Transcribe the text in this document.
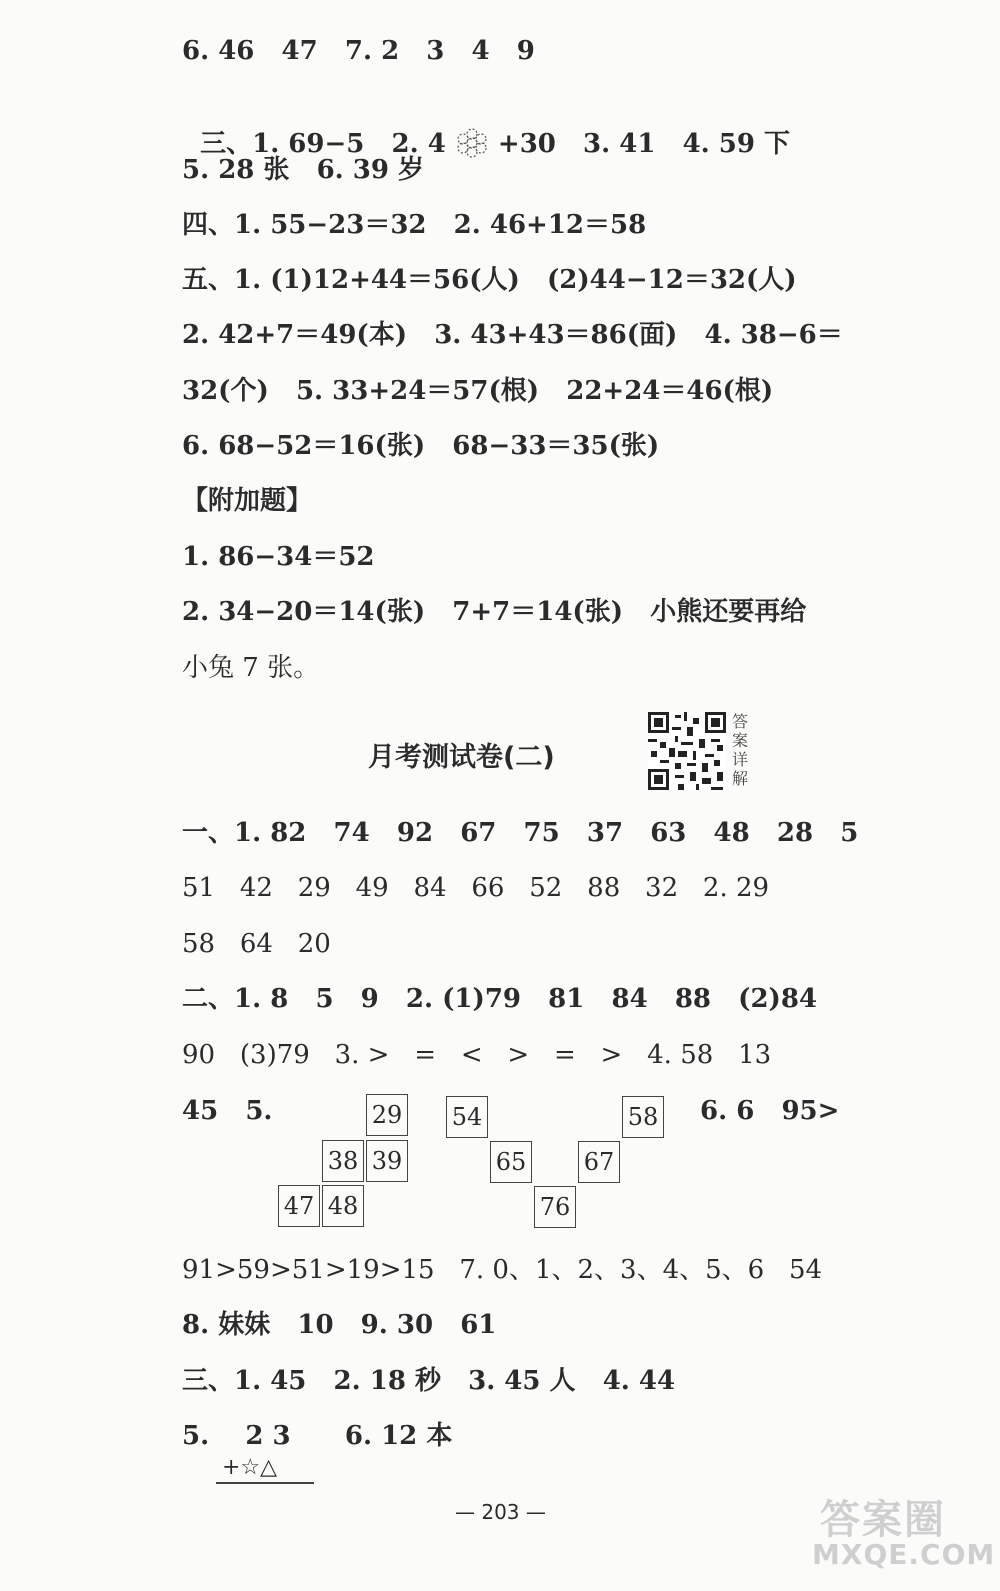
6. 46   47   7. 2   3   4   9

三、1. 69−5   2. 4  +30   3. 41   4. 59 下

5. 28 张   6. 39 岁
四、1. 55−23＝32   2. 46+12＝58
五、1. (1)12+44＝56(人)   (2)44−12＝32(人)
2. 42+7＝49(本)   3. 43+43＝86(面)   4. 38−6＝
32(个)   5. 33+24＝57(根)   22+24＝46(根)
6. 68−52＝16(张)   68−33＝35(张)
【附加题】
1. 86−34＝52
2. 34−20＝14(张)   7+7＝14(张)   小熊还要再给
小兔 7 张。
月考测试卷(二)
答案详解
一、1. 82   74   92   67   75   37   63   48   28   5
51   42   29   49   84   66   52   88   32   2. 29
58   64   20
二、1. 8   5   9   2. (1)79   81   84   88   (2)84
90   (3)79   3. >   =   <   >   =   >   4. 58   13
45   5.	6. 6   95>
29
38 39
47 48
54	58
65 67
76
91>59>51>19>15   7. 0、1、2、3、4、5、6   54
8. 妹妹   10   9. 30   61
三、1. 45   2. 18 秒   3. 45 人   4. 44
5.    2 3      6. 12 本
+☆△
— 203 —	答案圈
MXQE.COM
